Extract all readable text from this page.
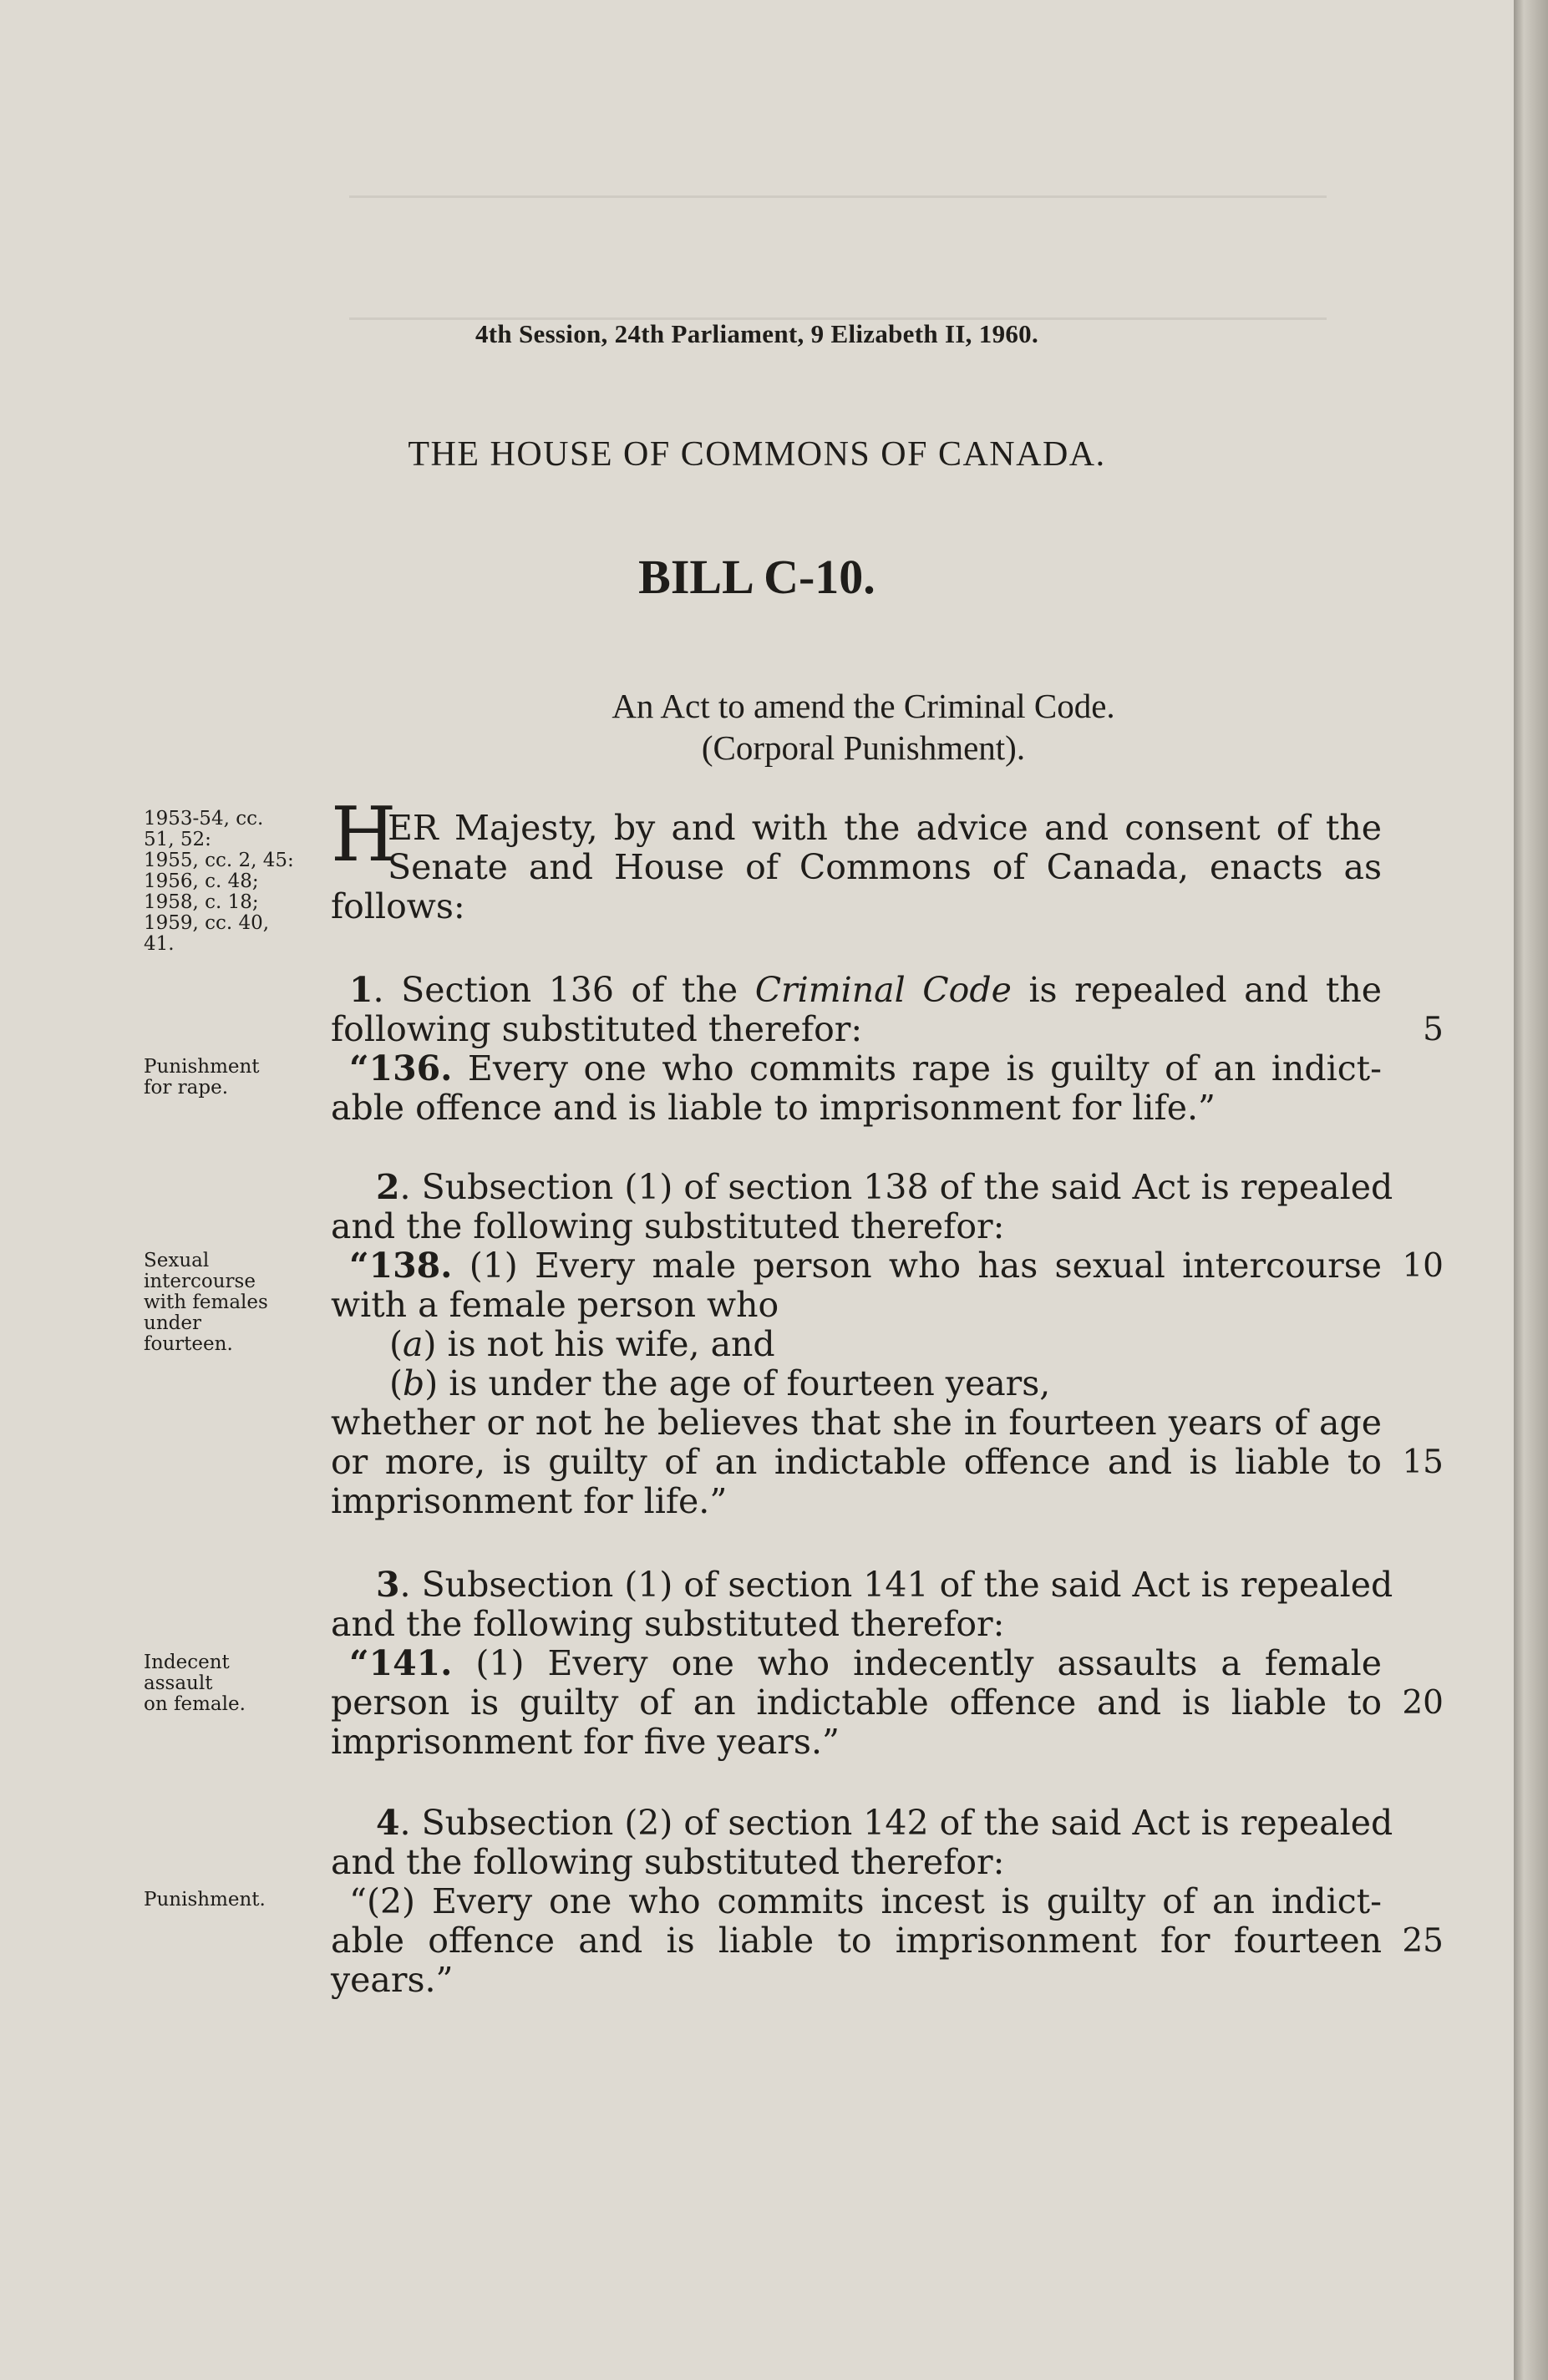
4th Session, 24th Parliament, 9 Elizabeth II, 1960.
THE HOUSE OF COMMONS OF CANADA.
BILL C-10.
An Act to amend the Criminal Code.
(Corporal Punishment).
1953-54, cc.
51, 52:
1955, cc. 2, 45:
1956, c. 48;
1958, c. 18;
1959, cc. 40,
41.
Punishment
for rape.
Sexual
intercourse
with females
under
fourteen.
Indecent
assault
on female.
Punishment.
H
ER Majesty, by and with the advice and consent of the
Senate and House of Commons of Canada, enacts as
follows:
1. Section 136 of the Criminal Code is repealed and the
following substituted therefor:
“136. Every one who commits rape is guilty of an indict-
able offence and is liable to imprisonment for life.”
2. Subsection (1) of section 138 of the said Act is repealed
and the following substituted therefor:
“138. (1) Every male person who has sexual intercourse
with a female person who
(a) is not his wife, and
(b) is under the age of fourteen years,
whether or not he believes that she in fourteen years of age
or more, is guilty of an indictable offence and is liable to
imprisonment for life.”
3. Subsection (1) of section 141 of the said Act is repealed
and the following substituted therefor:
“141. (1) Every one who indecently assaults a female
person is guilty of an indictable offence and is liable to
imprisonment for five years.”
4. Subsection (2) of section 142 of the said Act is repealed
and the following substituted therefor:
“(2) Every one who commits incest is guilty of an indict-
able offence and is liable to imprisonment for fourteen
years.”
5
10
15
20
25
